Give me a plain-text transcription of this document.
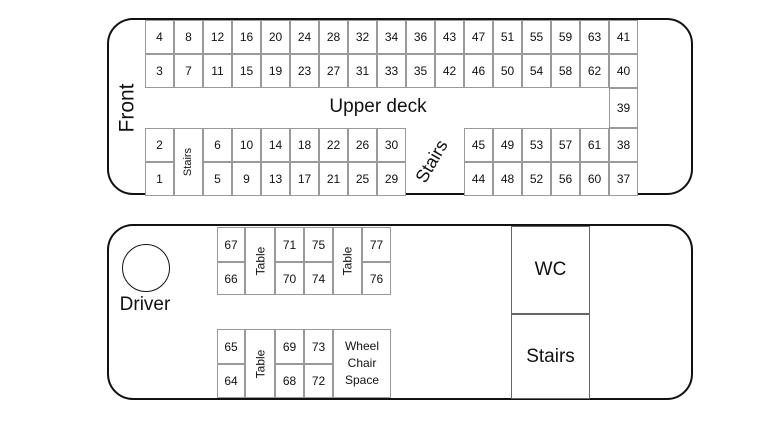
4	8	12	16	20	24	28	32	34	36	43	47	51	55	59	63	41
3	7	11	15	19	23	27	31	33	35	42	46	50	54	58	62	40
39
2	6	10	14	18	22	26	30
1	5	9	13	17	21	25	29
Stairs	Stairs	45	49	53	57	61	38
44	48	52	56	60	37
67
66
Table
71
70
75
74
Table
77
76
65
64
Table
69
68
73
72
Wheel
Chair
Space
WC
Stairs
Upper deck
Front
Driver
